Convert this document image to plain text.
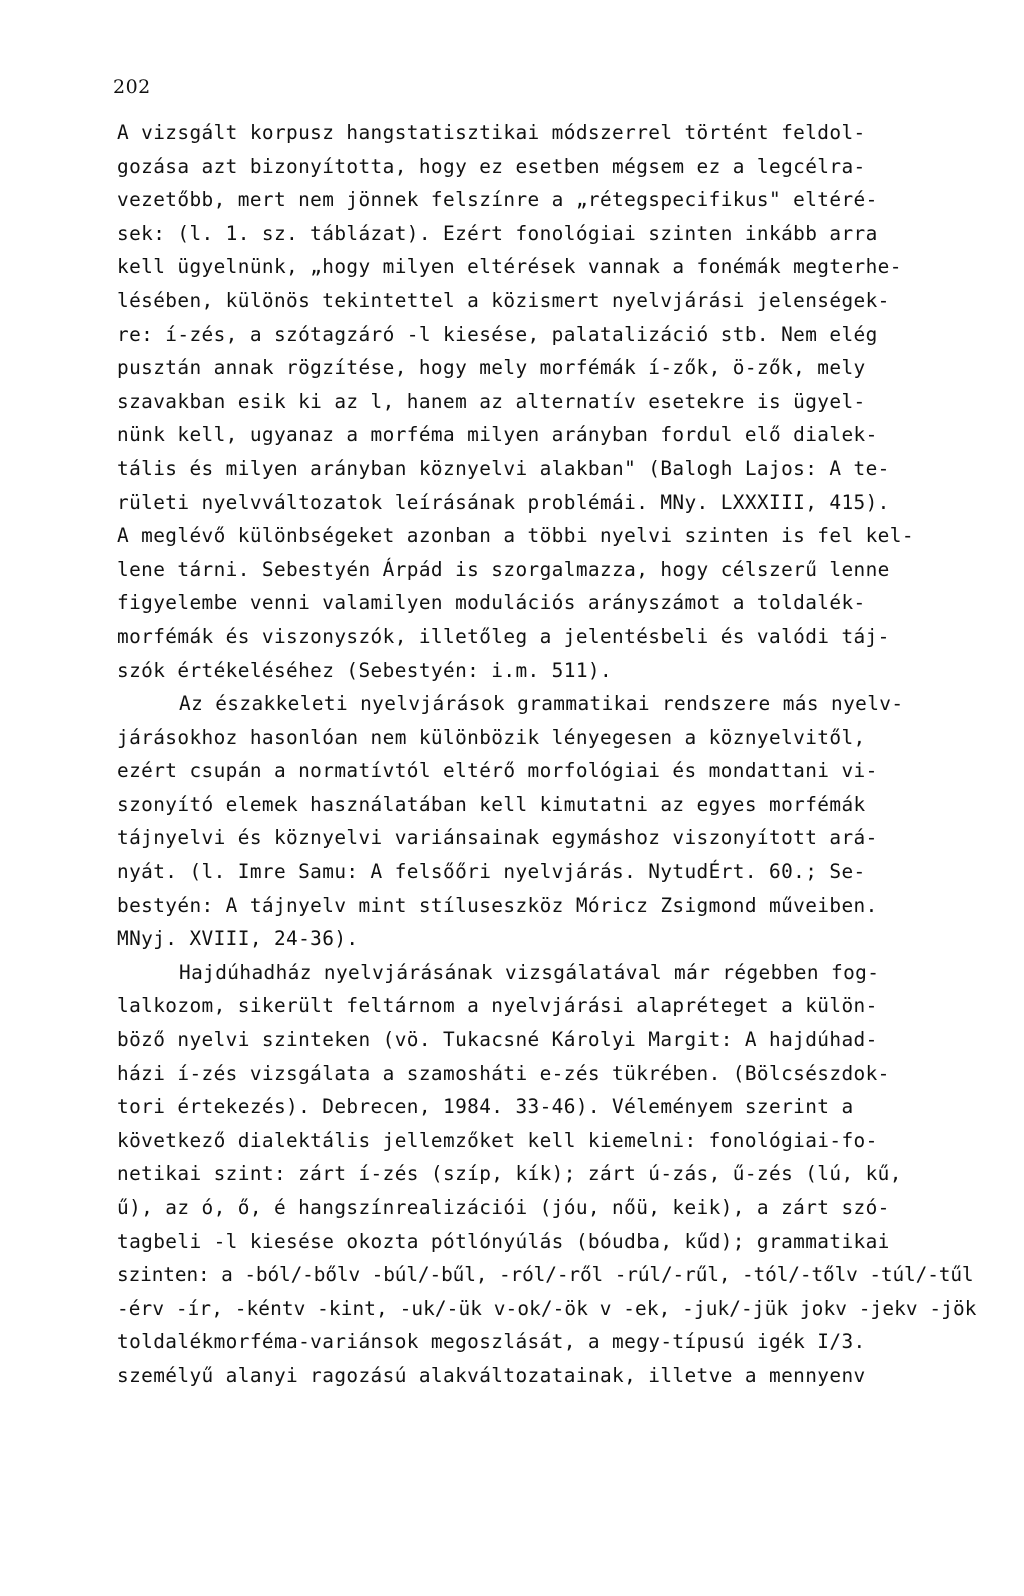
202
A vizsgált korpusz hangstatisztikai módszerrel történt feldol-
gozása azt bizonyította, hogy ez esetben mégsem ez a legcélra-
vezetőbb, mert nem jönnek felszínre a „rétegspecifikus" eltéré-
sek: (l. 1. sz. táblázat). Ezért fonológiai szinten inkább arra
kell ügyelnünk, „hogy milyen eltérések vannak a fonémák megterhe-
lésében, különös tekintettel a közismert nyelvjárási jelenségek-
re: í-zés, a szótagzáró -l kiesése, palatalizáció stb. Nem elég
pusztán annak rögzítése, hogy mely morfémák í-zők, ö-zők, mely
szavakban esik ki az l, hanem az alternatív esetekre is ügyel-
nünk kell, ugyanaz a morféma milyen arányban fordul elő dialek-
tális és milyen arányban köznyelvi alakban" (Balogh Lajos: A te-
rületi nyelvváltozatok leírásának problémái. MNy. LXXXIII, 415).
A meglévő különbségeket azonban a többi nyelvi szinten is fel kel-
lene tárni. Sebestyén Árpád is szorgalmazza, hogy célszerű lenne
figyelembe venni valamilyen modulációs arányszámot a toldalék-
morfémák és viszonyszók, illetőleg a jelentésbeli és valódi táj-
szók értékeléséhez (Sebestyén: i.m. 511).
Az északkeleti nyelvjárások grammatikai rendszere más nyelv-
járásokhoz hasonlóan nem különbözik lényegesen a köznyelvitől,
ezért csupán a normatívtól eltérő morfológiai és mondattani vi-
szonyító elemek használatában kell kimutatni az egyes morfémák
tájnyelvi és köznyelvi variánsainak egymáshoz viszonyított ará-
nyát. (l. Imre Samu: A felsőőri nyelvjárás. NytudÉrt. 60.; Se-
bestyén: A tájnyelv mint stíluseszköz Móricz Zsigmond műveiben.
MNyj. XVIII, 24-36).
Hajdúhadház nyelvjárásának vizsgálatával már régebben fog-
lalkozom, sikerült feltárnom a nyelvjárási alapréteget a külön-
böző nyelvi szinteken (vö. Tukacsné Károlyi Margit: A hajdúhad-
házi í-zés vizsgálata a szamosháti e-zés tükrében. (Bölcsészdok-
tori értekezés). Debrecen, 1984. 33-46). Véleményem szerint a
következő dialektális jellemzőket kell kiemelni: fonológiai-fo-
netikai szint: zárt í-zés (szíp, kík); zárt ú-zás, ű-zés (lú, kű,
ű), az ó, ő, é hangszínrealizációi (jóu, nőü, keik), a zárt szó-
tagbeli -l kiesése okozta pótlónyúlás (bóudba, kűd); grammatikai
szinten: a -ból/-bőlv -búl/-bűl, -ról/-ről -rúl/-rűl, -tól/-tőlv -túl/-tűl
-érv -ír, -kéntv -kint, -uk/-ük v-ok/-ök v -ek, -juk/-jük jokv -jekv -jök
toldalékmorféma-variánsok megoszlását, a megy-típusú igék I/3.
személyű alanyi ragozású alakváltozatainak, illetve a mennyenv
